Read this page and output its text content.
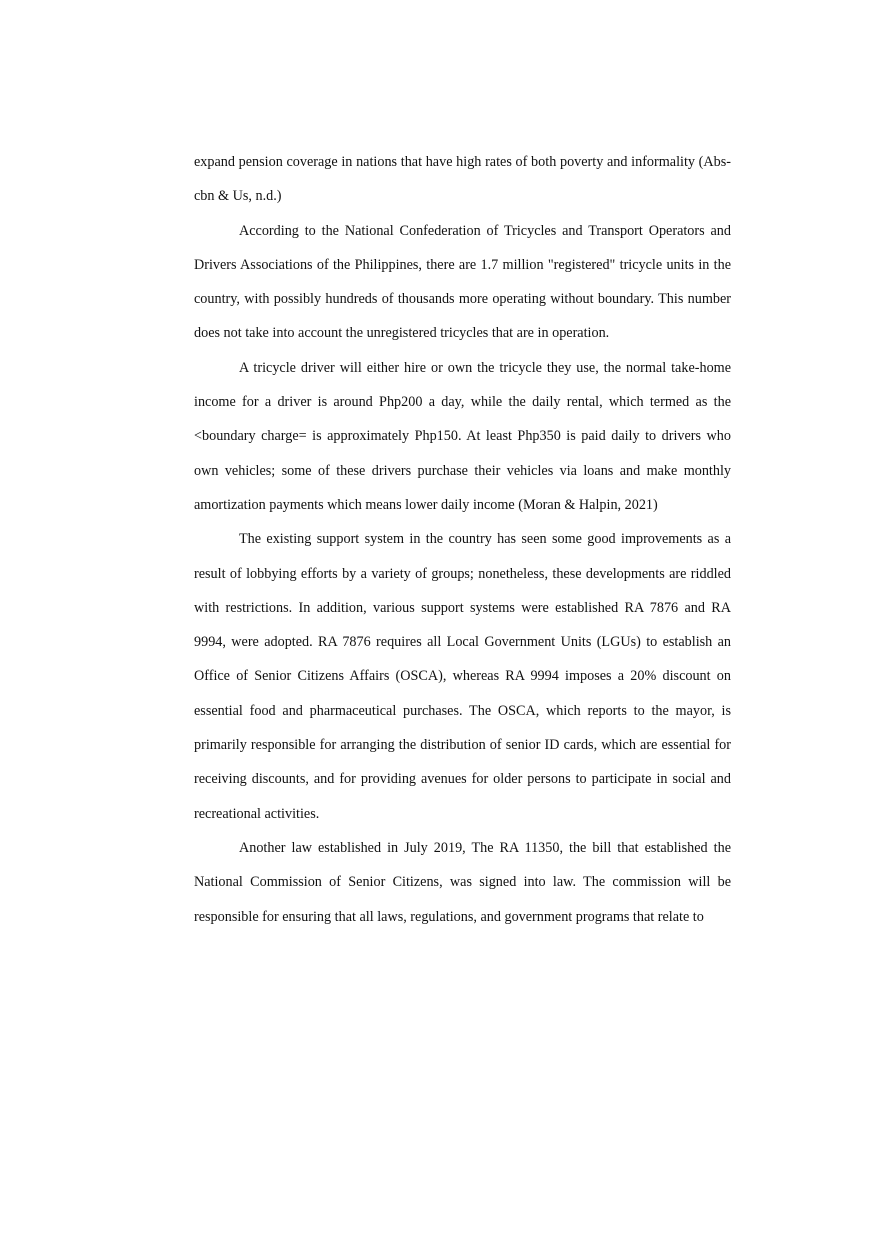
expand pension coverage in nations that have high rates of both poverty and informality (Abs-cbn & Us, n.d.)

According to the National Confederation of Tricycles and Transport Operators and Drivers Associations of the Philippines, there are 1.7 million "registered" tricycle units in the country, with possibly hundreds of thousands more operating without boundary. This number does not take into account the unregistered tricycles that are in operation.

A tricycle driver will either hire or own the tricycle they use, the normal take-home income for a driver is around Php200 a day, while the daily rental, which termed as the <boundary charge= is approximately Php150. At least Php350 is paid daily to drivers who own vehicles; some of these drivers purchase their vehicles via loans and make monthly amortization payments which means lower daily income (Moran & Halpin, 2021)

The existing support system in the country has seen some good improvements as a result of lobbying efforts by a variety of groups; nonetheless, these developments are riddled with restrictions. In addition, various support systems were established RA 7876 and RA 9994, were adopted. RA 7876 requires all Local Government Units (LGUs) to establish an Office of Senior Citizens Affairs (OSCA), whereas RA 9994 imposes a 20% discount on essential food and pharmaceutical purchases. The OSCA, which reports to the mayor, is primarily responsible for arranging the distribution of senior ID cards, which are essential for receiving discounts, and for providing avenues for older persons to participate in social and recreational activities.

Another law established in July 2019, The RA 11350, the bill that established the National Commission of Senior Citizens, was signed into law. The commission will be responsible for ensuring that all laws, regulations, and government programs that relate to
